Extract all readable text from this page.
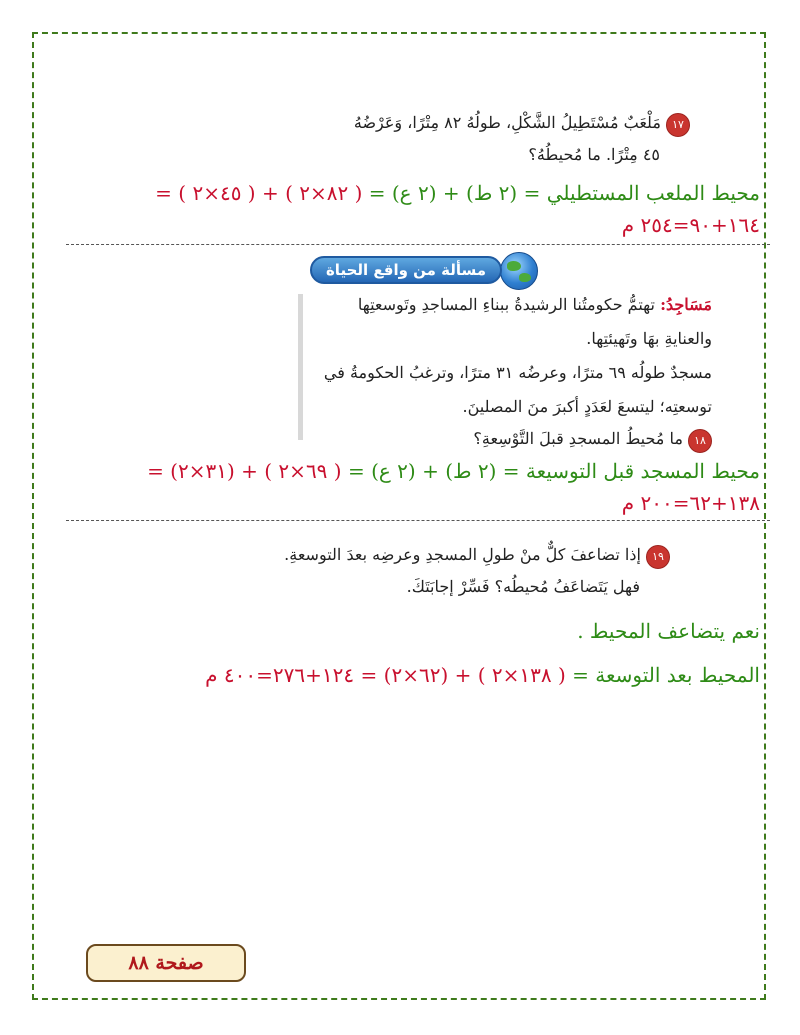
١٧ مَلْعَبٌ مُسْتَطِيلُ الشَّكْلِ، طولُهُ ٨٢ مِتْرًا، وَعَرْضُهُ
٤٥ مِتْرًا. ما مُحيطُهُ؟
محيط الملعب المستطيلي = (٢ ط) + (٢ ع) = ( ٨٢×٢ ) + ( ٤٥×٢ ) =
١٦٤+٩٠=٢٥٤ م
مسألة من واقع الحياة
مَسَاجِدُ: تهتمُّ حكومتُنا الرشيدةُ ببناءِ المساجدِ وتَوسعتِها
والعنايةِ بهَا وتَهيئتِها.
مسجدٌ طولُه ٦٩ مترًا، وعرضُه ٣١ مترًا، وترغبُ الحكومةُ في
توسعتِه؛ ليتسعَ لعَدَدٍ أكبرَ منَ المصلينَ.
١٨ ما مُحيطُ المسجدِ قبلَ التَّوْسِعةِ؟
محيط المسجد قبل التوسيعة = (٢ ط) + (٢ ع) = ( ٦٩×٢ ) + (٣١×٢) =
١٣٨+٦٢=٢٠٠ م
١٩ إذا تضاعفَ كلٌّ منْ طولِ المسجدِ وعرضِه بعدَ التوسعةِ.
فهل يَتَضاعَفُ مُحيطُه؟ فَسِّرْ إجابَتَكَ.
نعم يتضاعف المحيط .
المحيط بعد التوسعة = ( ١٣٨×٢ ) + (٦٢×٢) = ١٢٤+٢٧٦=٤٠٠ م
صفحة ٨٨
